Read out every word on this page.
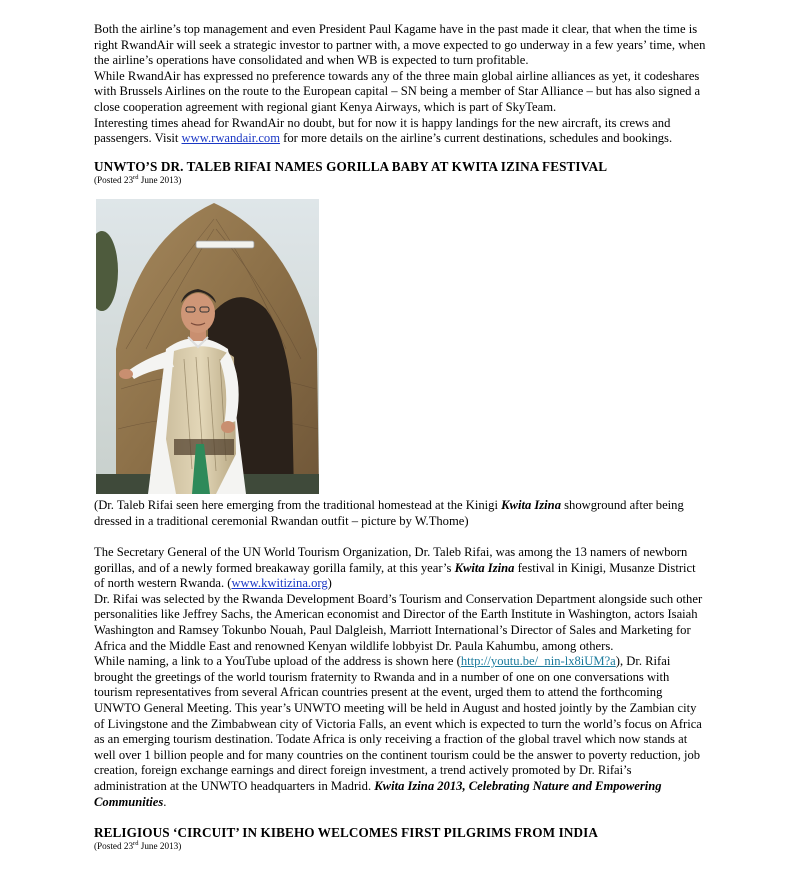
Both the airline’s top management and even President Paul Kagame have in the past made it clear, that when the time is right RwandAir will seek a strategic investor to partner with, a move expected to go underway in a few years’ time, when the airline’s operations have consolidated and when WB is expected to turn profitable.

While RwandAir has expressed no preference towards any of the three main global airline alliances as yet, it codeshares with Brussels Airlines on the route to the European capital – SN being a member of Star Alliance – but has also signed a close cooperation agreement with regional giant Kenya Airways, which is part of SkyTeam.

Interesting times ahead for RwandAir no doubt, but for now it is happy landings for the new aircraft, its crews and passengers. Visit www.rwandair.com for more details on the airline’s current destinations, schedules and bookings.

UNWTO’S DR. TALEB RIFAI NAMES GORILLA BABY AT KWITA IZINA FESTIVAL

(Posted 23rd June 2013)

(Dr. Taleb Rifai seen here emerging from the traditional homestead at the Kinigi Kwita Izina showground after being dressed in a traditional ceremonial Rwandan outfit – picture by W.Thome)

The Secretary General of the UN World Tourism Organization, Dr. Taleb Rifai, was among the 13 namers of newborn gorillas, and of a newly formed breakaway gorilla family, at this year’s Kwita Izina festival in Kinigi, Musanze District of north western Rwanda. (www.kwitizina.org)

Dr. Rifai was selected by the Rwanda Development Board’s Tourism and Conservation Department alongside such other personalities like Jeffrey Sachs, the American economist and Director of the Earth Institute in Washington, actors Isaiah Washington and Ramsey Tokunbo Nouah, Paul Dalgleish, Marriott International’s Director of Sales and Marketing for Africa and the Middle East and renowned Kenyan wildlife lobbyist Dr. Paula Kahumbu, among others.

While naming, a link to a YouTube upload of the address is shown here (http://youtu.be/_nin-lx8iUM?a), Dr. Rifai brought the greetings of the world tourism fraternity to Rwanda and in a number of one on one conversations with tourism representatives from several African countries present at the event, urged them to attend the forthcoming UNWTO General Meeting. This year’s UNWTO meeting will be held in August and hosted jointly by the Zambian city of Livingstone and the Zimbabwean city of Victoria Falls, an event which is expected to turn the world’s focus on Africa as an emerging tourism destination. Todate Africa is only receiving a fraction of the global travel which now stands at well over 1 billion people and for many countries on the continent tourism could be the answer to poverty reduction, job creation, foreign exchange earnings and direct foreign investment, a trend actively promoted by Dr. Rifai’s administration at the UNWTO headquarters in Madrid. Kwita Izina 2013, Celebrating Nature and Empowering Communities.

RELIGIOUS ‘CIRCUIT’ IN KIBEHO WELCOMES FIRST PILGRIMS FROM INDIA

(Posted 23rd June 2013)
